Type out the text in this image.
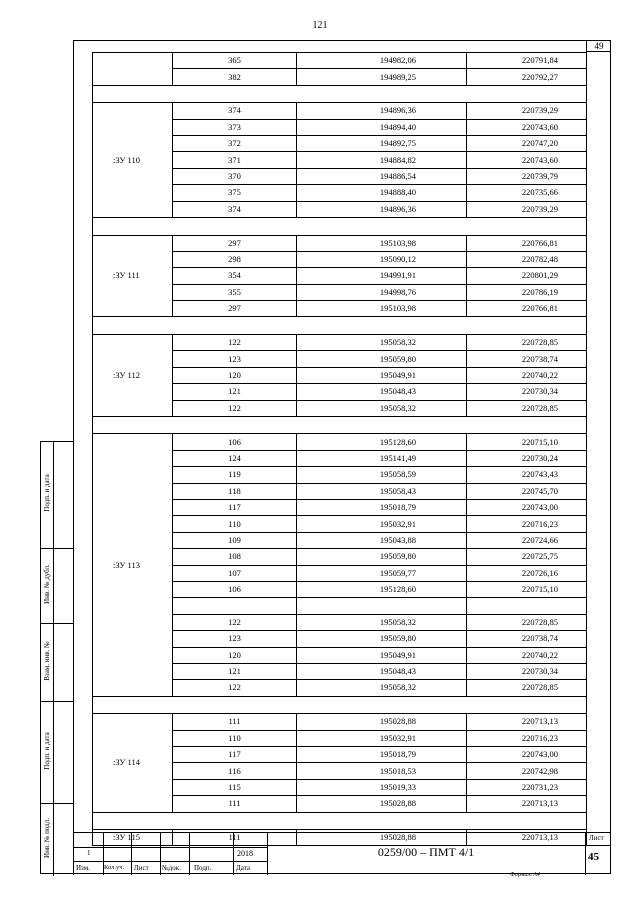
121
49
	365	194982,06	220791,84
	382	194989,25	220792,27

:ЗУ 110	374	194896,36	220739,29
	373	194894,40	220743,60
	372	194892,75	220747,20
	371	194884,82	220743,60
	370	194886,54	220739,79
	375	194888,40	220735,66
	374	194896,36	220739,29

:ЗУ 111	297	195103,98	220766,81
	298	195090,12	220782,48
	354	194991,91	220801,29
	355	194998,76	220786,19
	297	195103,98	220766,81

:ЗУ 112	122	195058,32	220728,85
	123	195059,80	220738,74
	120	195049,91	220740,22
	121	195048,43	220730,34
	122	195058,32	220728,85

:ЗУ 113	106	195128,60	220715,10
	124	195141,49	220730,24
	119	195058,59	220743,43
	118	195058,43	220745,70
	117	195018,79	220743,00
	110	195032,91	220716,23
	109	195043,88	220724,66
	108	195059,80	220725,75
	107	195059,77	220726,16
	106	195128,60	220715,10

	122	195058,32	220728,85
	123	195059,80	220738,74
	120	195049,91	220740,22
	121	195048,43	220730,34
	122	195058,32	220728,85

:ЗУ 114	111	195028,88	220713,13
	110	195032,91	220716,23
	117	195018,79	220743,00
	116	195018,53	220742,98
	115	195019,33	220731,23
	111	195028,88	220713,13

:ЗУ 115	111	195028,88	220713,13
Подп. и дата
Инв. № дубл.
Взам. инв. №
Подп. и дата
Инв. № подл.	1	2018
Изм. Кол.уч. Лист №док. Подп.	Дата
0259/00 – ПМТ 4/1
Лист
45
Формат А4
